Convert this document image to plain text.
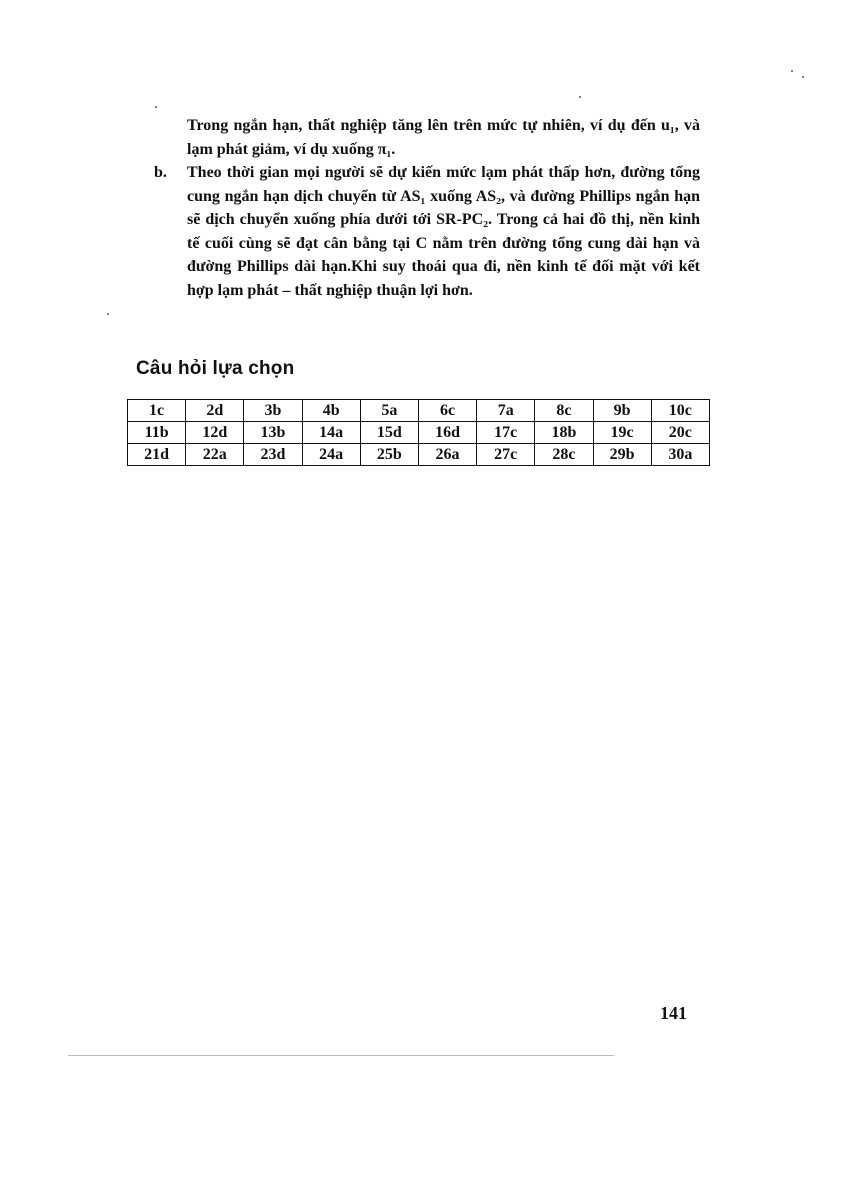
Trong ngắn hạn, thất nghiệp tăng lên trên mức tự nhiên, ví dụ đến u₁, và lạm phát giảm, ví dụ xuống π₁.

b. Theo thời gian mọi người sẽ dự kiến mức lạm phát thấp hơn, đường tổng cung ngắn hạn dịch chuyển từ AS₁ xuống AS₂, và đường Phillips ngắn hạn sẽ dịch chuyển xuống phía dưới tới SR-PC₂. Trong cả hai đồ thị, nền kinh tế cuối cùng sẽ đạt cân bằng tại C nằm trên đường tổng cung dài hạn và đường Phillips dài hạn.Khi suy thoái qua đi, nền kinh tế đối mặt với kết hợp lạm phát – thất nghiệp thuận lợi hơn.

Câu hỏi lựa chọn
1c	2d	3b	4b	5a	6c	7a	8c	9b	10c
11b	12d	13b	14a	15d	16d	17c	18b	19c	20c
21d	22a	23d	24a	25b	26a	27c	28c	29b	30a
141
